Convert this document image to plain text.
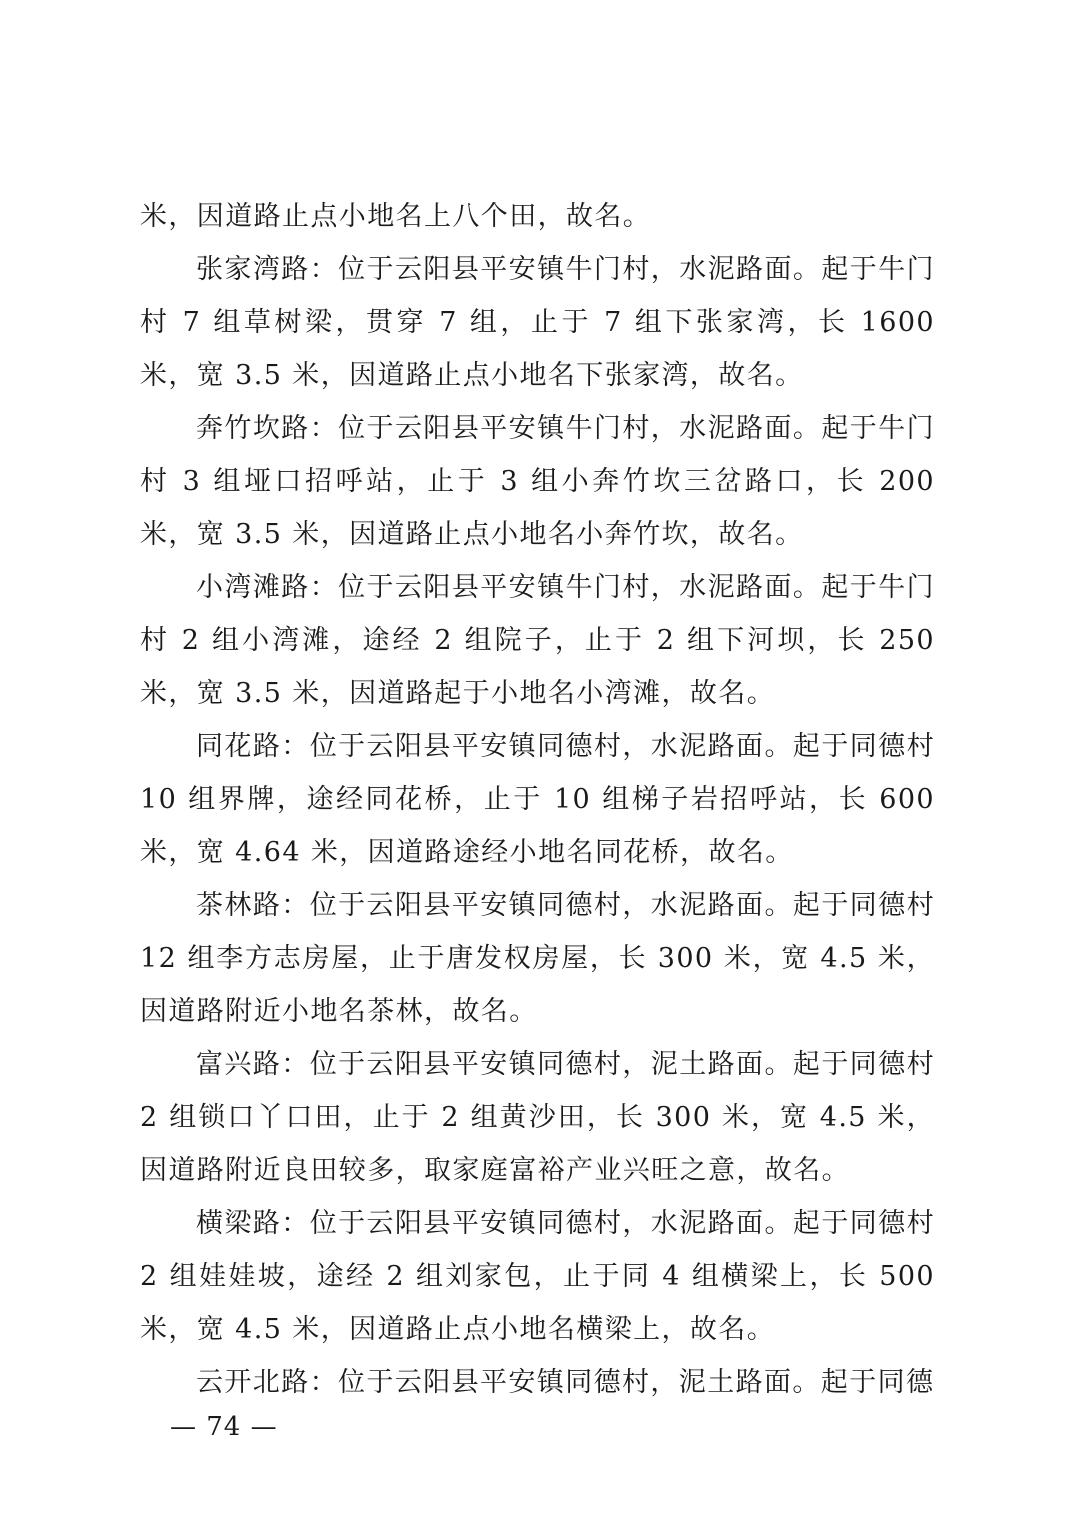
米，因道路止点小地名上八个田，故名。

张家湾路：位于云阳县平安镇牛门村，水泥路面。起于牛门村 7 组草树梁，贯穿 7 组，止于 7 组下张家湾，长 1600 米，宽 3.5 米，因道路止点小地名下张家湾，故名。

奔竹坎路：位于云阳县平安镇牛门村，水泥路面。起于牛门村 3 组垭口招呼站，止于 3 组小奔竹坎三岔路口，长 200 米，宽 3.5 米，因道路止点小地名小奔竹坎，故名。

小湾滩路：位于云阳县平安镇牛门村，水泥路面。起于牛门村 2 组小湾滩，途经 2 组院子，止于 2 组下河坝，长 250 米，宽 3.5 米，因道路起于小地名小湾滩，故名。

同花路：位于云阳县平安镇同德村，水泥路面。起于同德村 10 组界牌，途经同花桥，止于 10 组梯子岩招呼站，长 600 米，宽 4.64 米，因道路途经小地名同花桥，故名。

茶林路：位于云阳县平安镇同德村，水泥路面。起于同德村 12 组李方志房屋，止于唐发权房屋，长 300 米，宽 4.5 米，因道路附近小地名茶林，故名。

富兴路：位于云阳县平安镇同德村，泥土路面。起于同德村 2 组锁口丫口田，止于 2 组黄沙田，长 300 米，宽 4.5 米，因道路附近良田较多，取家庭富裕产业兴旺之意，故名。

横梁路：位于云阳县平安镇同德村，水泥路面。起于同德村 2 组娃娃坡，途经 2 组刘家包，止于同 4 组横梁上，长 500 米，宽 4.5 米，因道路止点小地名横梁上，故名。

云开北路：位于云阳县平安镇同德村，泥土路面。起于同德

— 74 —
